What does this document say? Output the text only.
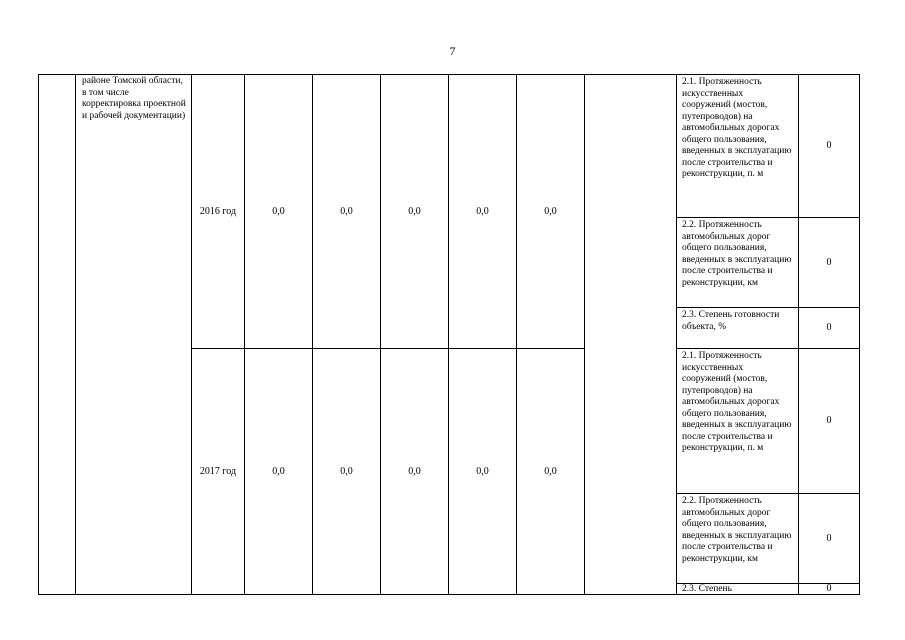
7
	районе Томской области, в том числе корректировка проектной и рабочей документации)	2016 год	0,0	0,0	0,0	0,0	0,0		2.1. Протяженность искусственных сооружений (мостов, путепроводов) на автомобильных дорогах общего пользования, введенных в эксплуатацию после строительства и реконструкции, п. м	0
									2.2. Протяженность автомобильных дорог общего пользования, введенных в эксплуатацию после строительства и реконструкции, км	0
									2.3. Степень готовности объекта, %	0
		2017 год	0,0	0,0	0,0	0,0	0,0		2.1. Протяженность искусственных сооружений (мостов, путепроводов) на автомобильных дорогах общего пользования, введенных в эксплуатацию после строительства и реконструкции, п. м	0
									2.2. Протяженность автомобильных дорог общего пользования, введенных в эксплуатацию после строительства и реконструкции, км	0
									2.3. Степень	0
